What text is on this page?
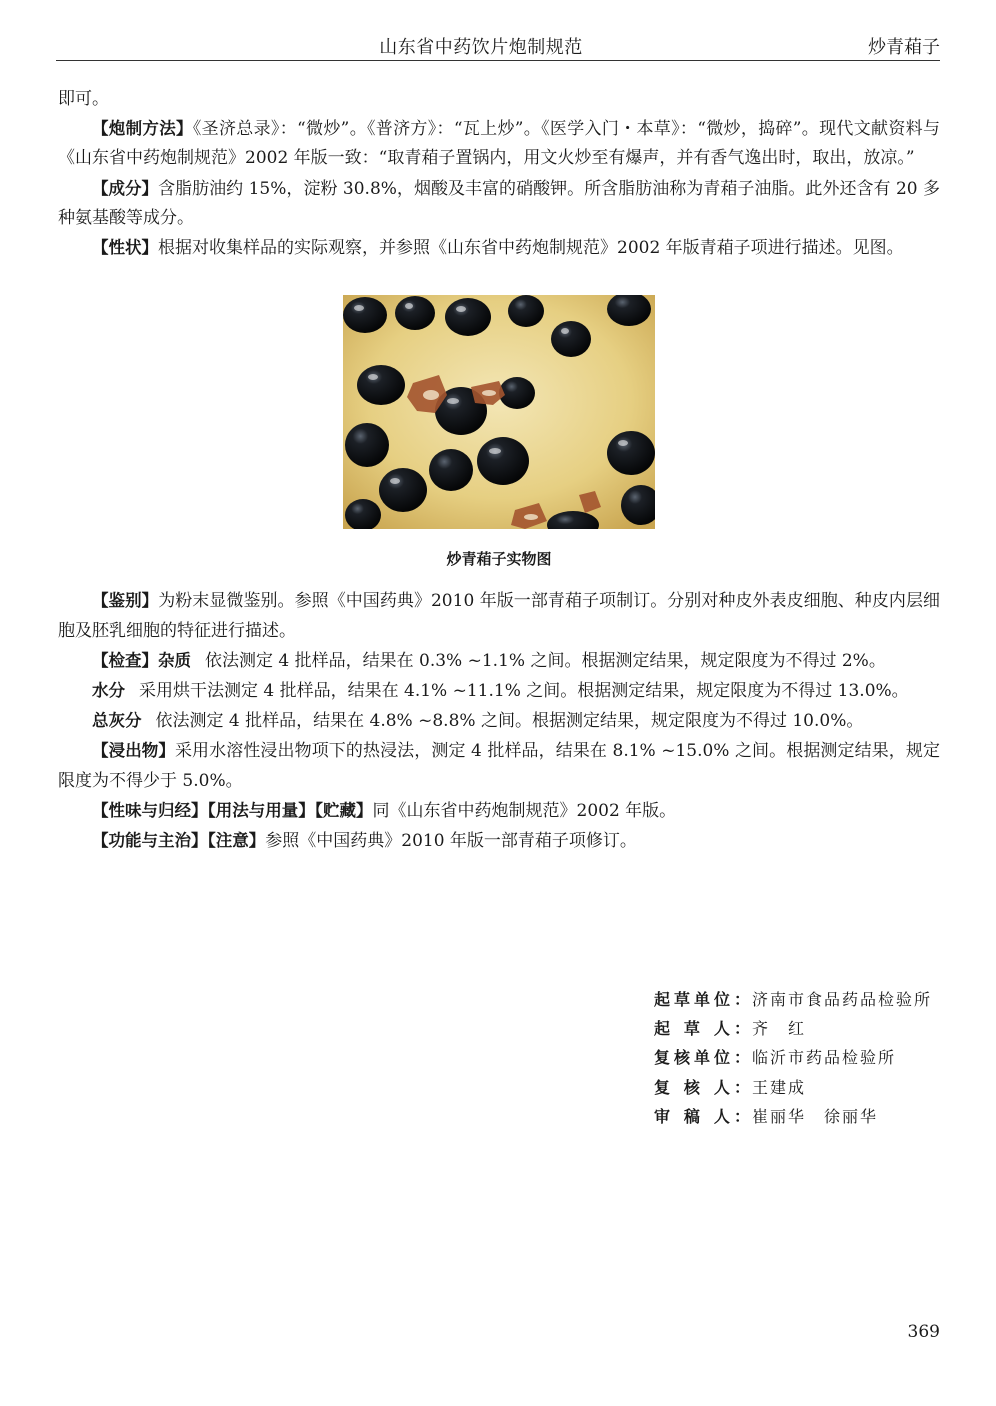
山东省中药饮片炮制规范	炒青葙子

即可。

【炮制方法】《圣济总录》：“微炒”。《普济方》：“瓦上炒”。《医学入门・本草》：“微炒，捣碎”。现代文献资料与《山东省中药炮制规范》2002 年版一致：“取青葙子置锅内，用文火炒至有爆声，并有香气逸出时，取出，放凉。”

【成分】含脂肪油约 15%，淀粉 30.8%，烟酸及丰富的硝酸钾。所含脂肪油称为青葙子油脂。此外还含有 20 多种氨基酸等成分。

【性状】根据对收集样品的实际观察，并参照《山东省中药炮制规范》2002 年版青葙子项进行描述。见图。

炒青葙子实物图

【鉴别】为粉末显微鉴别。参照《中国药典》2010 年版一部青葙子项制订。分别对种皮外表皮细胞、种皮内层细胞及胚乳细胞的特征进行描述。

【检查】杂质 依法测定 4 批样品，结果在 0.3% ~1.1% 之间。根据测定结果，规定限度为不得过 2%。

水分 采用烘干法测定 4 批样品，结果在 4.1% ~11.1% 之间。根据测定结果，规定限度为不得过 13.0%。

总灰分 依法测定 4 批样品，结果在 4.8% ~8.8% 之间。根据测定结果，规定限度为不得过 10.0%。

【浸出物】采用水溶性浸出物项下的热浸法，测定 4 批样品，结果在 8.1% ~15.0% 之间。根据测定结果，规定限度为不得少于 5.0%。

【性味与归经】【用法与用量】【贮藏】同《山东省中药炮制规范》2002 年版。

【功能与主治】【注意】参照《中国药典》2010 年版一部青葙子项修订。

起草单位： 济南市食品药品检验所
起 草 人： 齐　红
复核单位： 临沂市药品检验所
复 核 人： 王建成
审 稿 人： 崔丽华　徐丽华
369
